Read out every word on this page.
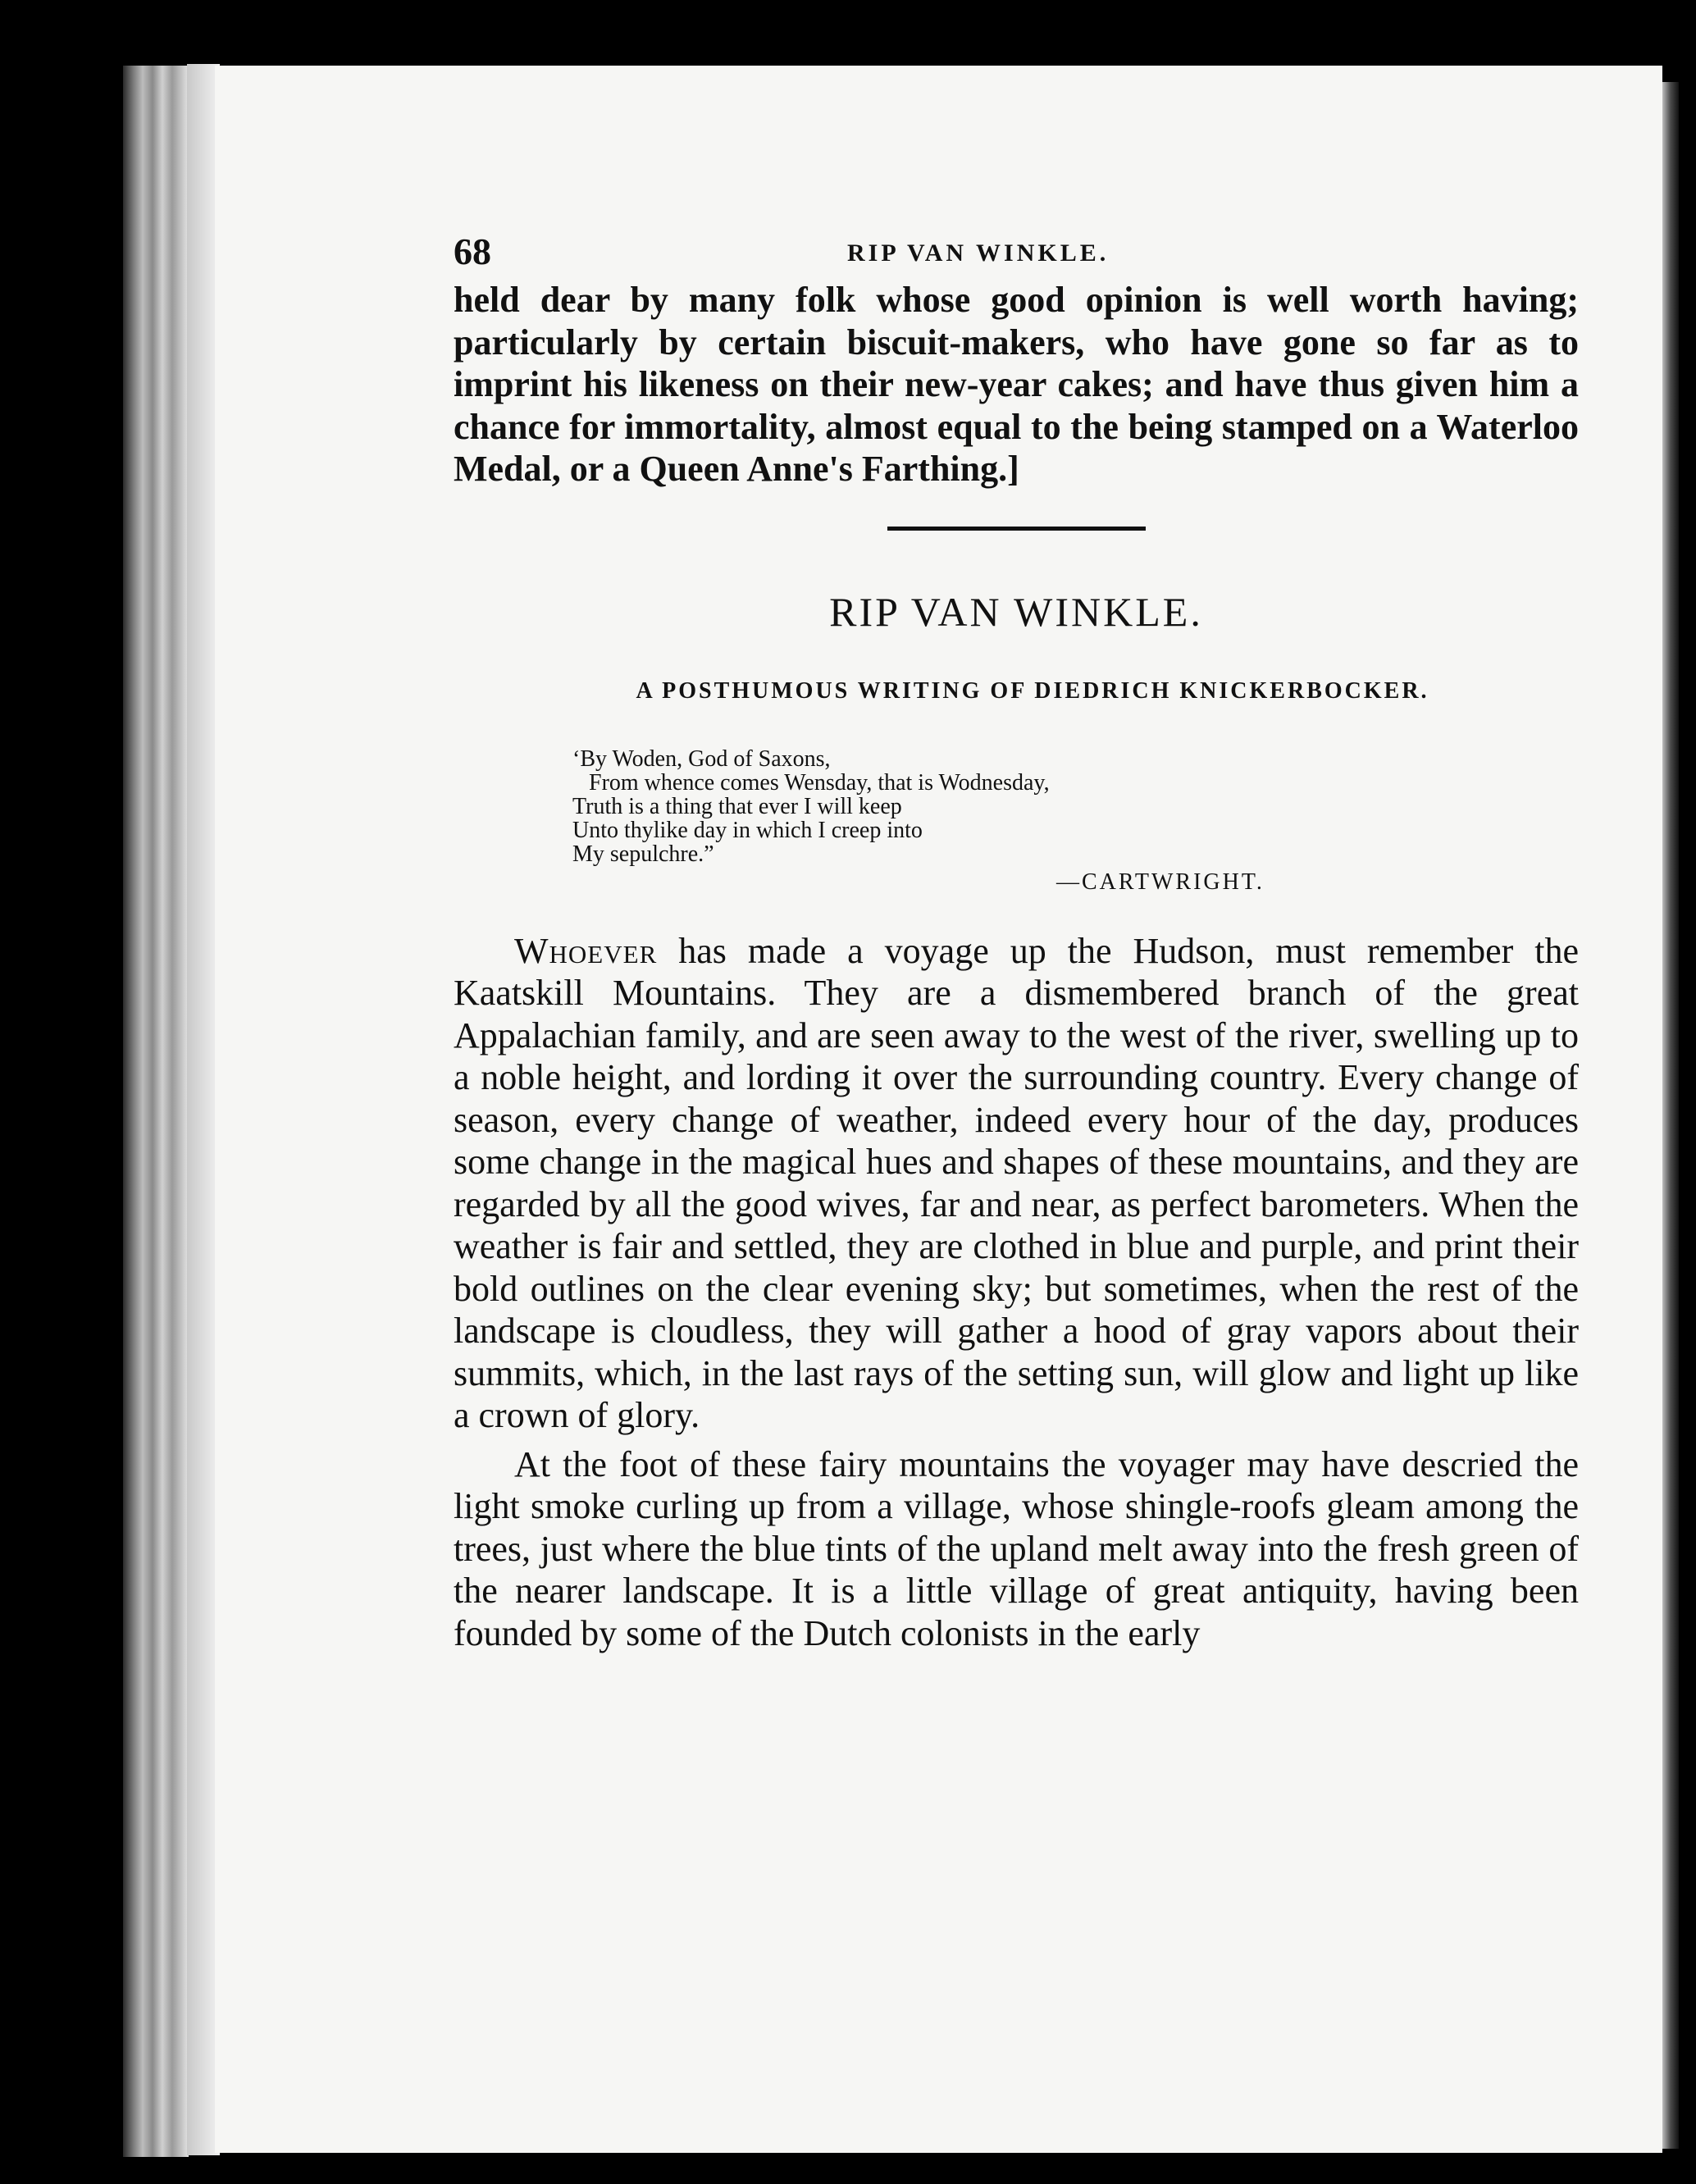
68	RIP VAN WINKLE.

held dear by many folk whose good opinion is well worth having; particularly by certain biscuit-makers, who have gone so far as to imprint his likeness on their new-year cakes; and have thus given him a chance for immortality, almost equal to the being stamped on a Waterloo Medal, or a Queen Anne's Farthing.]

RIP VAN WINKLE.
A POSTHUMOUS WRITING OF DIEDRICH KNICKERBOCKER.
‘By Woden, God of Saxons,
From whence comes Wensday, that is Wodnesday,
Truth is a thing that ever I will keep
Unto thylike day in which I creep into
My sepulchre.”
—CARTWRIGHT.

Whoever has made a voyage up the Hudson, must remember the Kaatskill Mountains. They are a dismembered branch of the great Appalachian family, and are seen away to the west of the river, swelling up to a noble height, and lording it over the surrounding country. Every change of season, every change of weather, indeed every hour of the day, produces some change in the magical hues and shapes of these mountains, and they are regarded by all the good wives, far and near, as perfect barometers. When the weather is fair and settled, they are clothed in blue and purple, and print their bold outlines on the clear evening sky; but sometimes, when the rest of the landscape is cloudless, they will gather a hood of gray vapors about their summits, which, in the last rays of the setting sun, will glow and light up like a crown of glory.

At the foot of these fairy mountains the voyager may have descried the light smoke curling up from a village, whose shingle-roofs gleam among the trees, just where the blue tints of the upland melt away into the fresh green of the nearer landscape. It is a little village of great antiquity, having been founded by some of the Dutch colonists in the early
